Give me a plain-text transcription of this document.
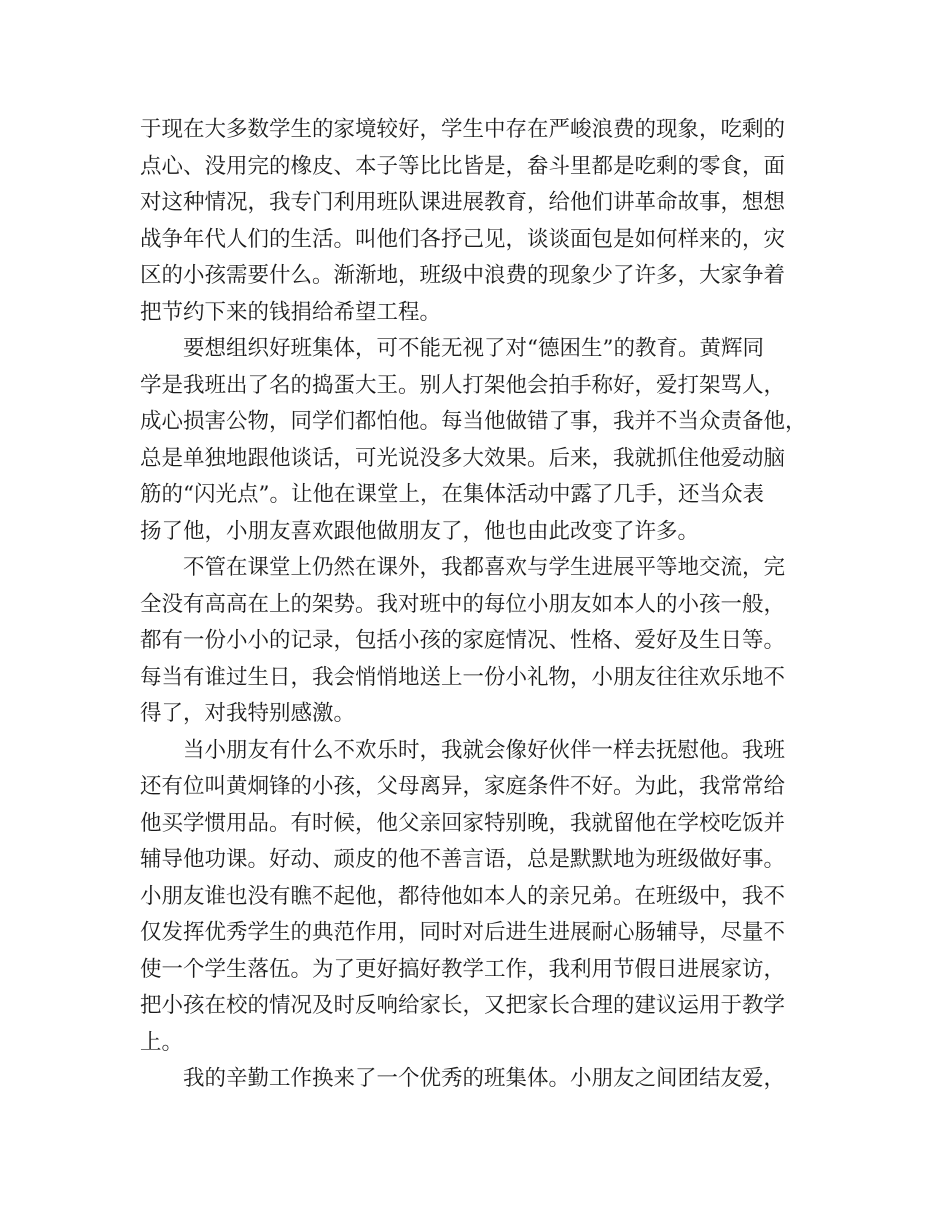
于现在大多数学生的家境较好，学生中存在严峻浪费的现象，吃剩的
点心、没用完的橡皮、本子等比比皆是，畚斗里都是吃剩的零食，面
对这种情况，我专门利用班队课进展教育，给他们讲革命故事，想想
战争年代人们的生活。叫他们各抒己见，谈谈面包是如何样来的，灾
区的小孩需要什么。渐渐地，班级中浪费的现象少了许多，大家争着
把节约下来的钱捐给希望工程。
要想组织好班集体，可不能无视了对“德困生”的教育。黄辉同
学是我班出了名的捣蛋大王。别人打架他会拍手称好，爱打架骂人，
成心损害公物，同学们都怕他。每当他做错了事，我并不当众责备他，
总是单独地跟他谈话，可光说没多大效果。后来，我就抓住他爱动脑
筋的“闪光点”。让他在课堂上，在集体活动中露了几手，还当众表
扬了他，小朋友喜欢跟他做朋友了，他也由此改变了许多。
不管在课堂上仍然在课外，我都喜欢与学生进展平等地交流，完
全没有高高在上的架势。我对班中的每位小朋友如本人的小孩一般，
都有一份小小的记录，包括小孩的家庭情况、性格、爱好及生日等。
每当有谁过生日，我会悄悄地送上一份小礼物，小朋友往往欢乐地不
得了，对我特别感激。
当小朋友有什么不欢乐时，我就会像好伙伴一样去抚慰他。我班
还有位叫黄炯锋的小孩，父母离异，家庭条件不好。为此，我常常给
他买学惯用品。有时候，他父亲回家特别晚，我就留他在学校吃饭并
辅导他功课。好动、顽皮的他不善言语，总是默默地为班级做好事。
小朋友谁也没有瞧不起他，都待他如本人的亲兄弟。在班级中，我不
仅发挥优秀学生的典范作用，同时对后进生进展耐心肠辅导，尽量不
使一个学生落伍。为了更好搞好教学工作，我利用节假日进展家访，
把小孩在校的情况及时反响给家长，又把家长合理的建议运用于教学
上。
我的辛勤工作换来了一个优秀的班集体。小朋友之间团结友爱，
